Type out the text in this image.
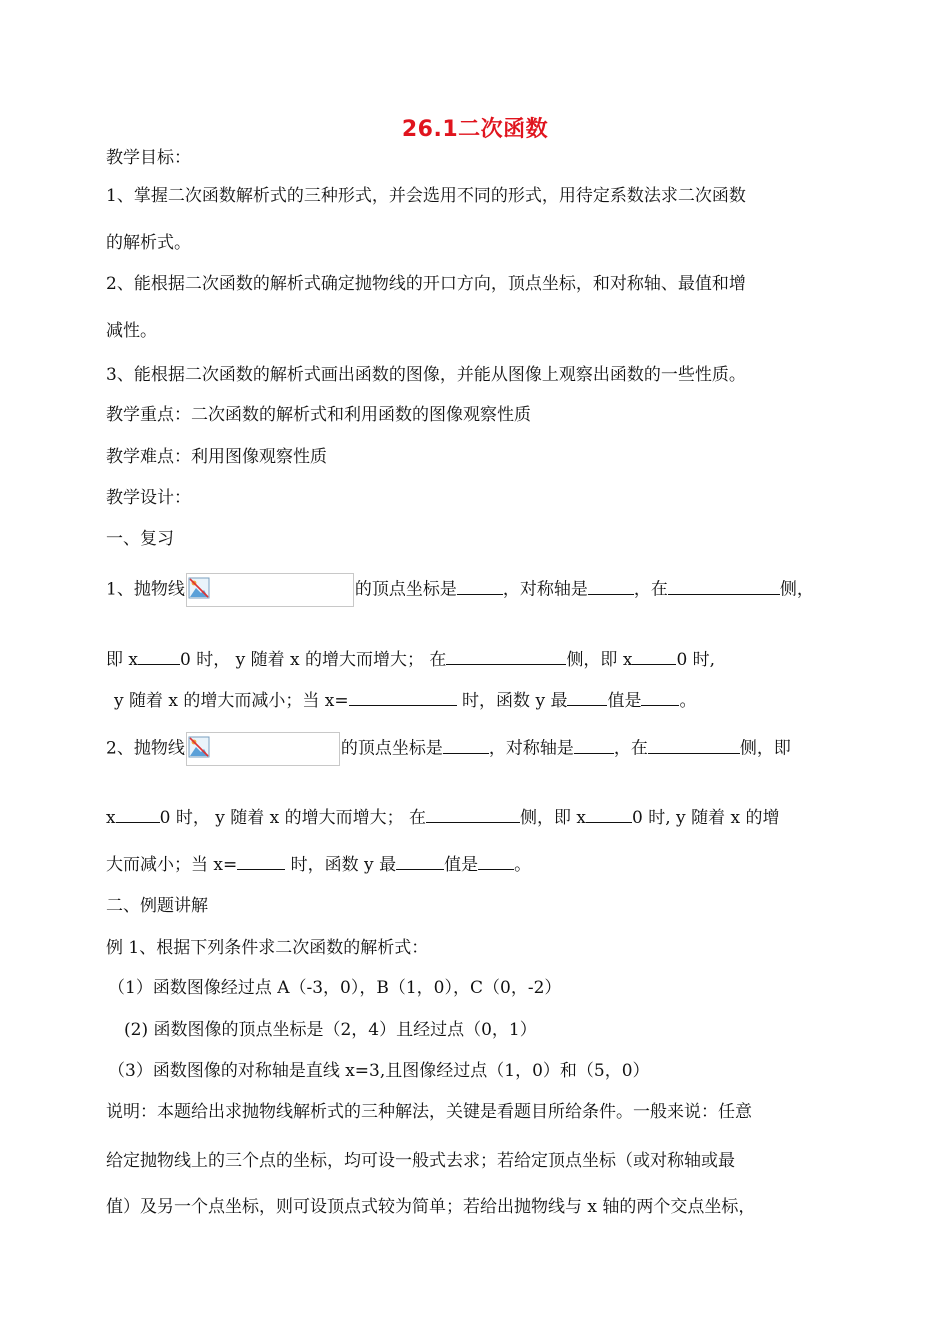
26.1二次函数
教学目标：
1、掌握二次函数解析式的三种形式，并会选用不同的形式，用待定系数法求二次函数
的解析式。
2、能根据二次函数的解析式确定抛物线的开口方向，顶点坐标，和对称轴、最值和增
减性。
3、能根据二次函数的解析式画出函数的图像，并能从图像上观察出函数的一些性质。
教学重点：二次函数的解析式和利用函数的图像观察性质
教学难点：利用图像观察性质
教学设计：
一、复习
1、抛物线	的顶点坐标是	，对称轴是	，在	侧，
即 x 0 时， y 随着 x 的增大而增大； 在	侧，即 x	0 时,
y 随着 x 的增大而减小；当 x=	时，函数 y 最 值是 。
2、抛物线	的顶点坐标是	，对称轴是 ，在	侧，即
x	0 时， y 随着 x 的增大而增大； 在	侧，即 x	0 时, y 随着 x 的增
大而减小；当 x=	时，函数 y 最	值是 。
二、例题讲解
例 1、根据下列条件求二次函数的解析式：
（1）函数图像经过点 A（-3，0），B（1，0），C（0，-2）
(2) 函数图像的顶点坐标是（2，4）且经过点（0，1）
（3）函数图像的对称轴是直线 x=3,且图像经过点（1，0）和（5，0）
说明：本题给出求抛物线解析式的三种解法，关键是看题目所给条件。一般来说：任意
给定抛物线上的三个点的坐标，均可设一般式去求；若给定顶点坐标（或对称轴或最
值）及另一个点坐标，则可设顶点式较为简单；若给出抛物线与 x 轴的两个交点坐标，
